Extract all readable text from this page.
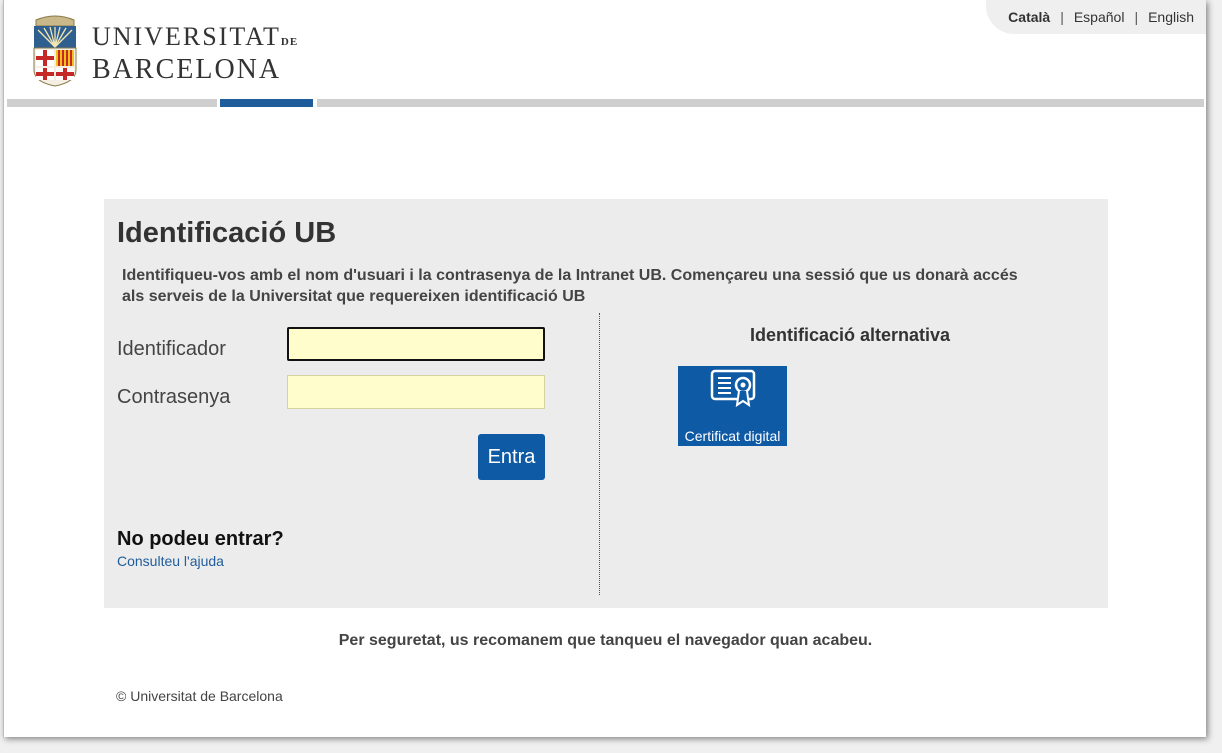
Català | Español | English
UNIVERSITATDE
BARCELONA
Identificació UB

Identifiqueu-vos amb el nom d'usuari i la contrasenya de la Intranet UB. Començareu una sessió que us donarà accés als serveis de la Universitat que requereixen identificació UB

Identificador
Contrasenya
Entra
No podeu entrar?
Consulteu l'ajuda
Identificació alternativa
Certificat digital

Per seguretat, us recomanem que tanqueu el navegador quan acabeu.

© Universitat de Barcelona
